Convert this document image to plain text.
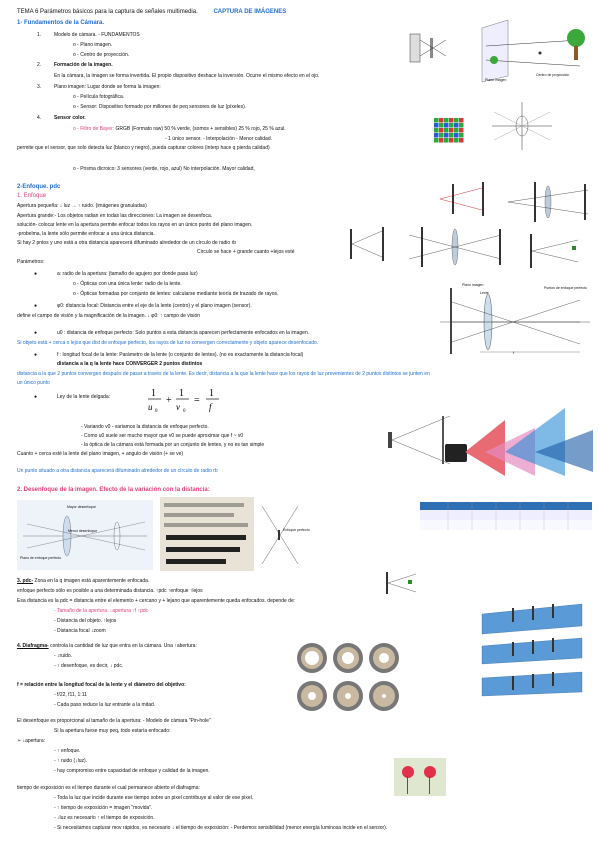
TEMA 6 Parámetros básicos para la captura de señales multimedia.	CAPTURA DE IMÁGENES
1- Fundamentos de la Cámara.
1.	Modelo de cámara. - FUNDAMENTOS
o - Plano imagen.
o - Centro de proyección.
2.	Formación de la imagen.
En la cámara, la imagen se forma invertida. El propio dispositivo deshace la inversión. Ocurre el mismo efecto en el ojo.
3.	Plano imagen: Lugar donde se forma la imagen:
o - Película fotográfica.
o - Sensor: Dispositivo formado por millones de peq sensores de luz (píxeles).
4.	Sensor color.
o - Filtro de Bayer: GRGB (Formato raw) 50 % verde, (somos + sensibles) 25 % rojo, 25 % azul.
- 1 único sensor. - Interpolación - Menor calidad.
permite que el sensor, que solo detecta luz (blanco y negro), pueda capturar colores (interp hace q pierda calidad)
o - Prisma dicroico: 3 sensores (verde, rojo, azul) No interpolación. Mayor calidad,
Plano imagen
Centro de proyección
2-Enfoque. pdc
1. Enfoque
Apertura pequeña: ↓ luz → ↑ ruido. (imágenes granuladas)
Apertura grande:- Los objetos radian en todas las direcciones: La imagen se desenfoca.
solución- colocar lente en la apertura permite enfocar todos los rayos en un único punto del plano imagen.
-probelma, la lente sólo permite enfocar a una única distancia.
Si hay 2 pntos y uno está a otra distancia aparecerá difuminado alrededor de un círculo de radio rb
Circulo se hace + grande cuanto +lejos esté
Parámetros:
●	a: radio de la apertura: (tamaño de agujero por donde pasa luz)
o - Ópticas con una única lente: radio de la lente.
o - Ópticas formadas por conjunto de lentes: calcularse mediante teoría de trazado de rayos.
●	φ0: distancia focal: Distancia entre el eje de la lente (centro) y el plano imagen (sensor).
define el campo de visión y la magnificación de la imagen. ↓ φ0: ↑ campo de visión
●	u0 : distancia de enfoque perfecto: Solo puntos a esta distancia aparecen perfectamente enfocados en la imagen.
Si objeto está + cerca o lejos que dist de enfoque perfecto, los rayos de luz no convergen correctamente y objeto aparece desenfocado.
●	f : longitud focal de la lente: Parámetro de la lente (o conjunto de lentes). (no es exactamente la distancia focal)
distancia a la q la lente hace CONVERGER 2 puntos distintos
distancia a la que 2 puntos convergen después de pasar a través de la lente. Es decir, distancia a la que la lente hace que los rayos de luz provenientes de 2 puntos distintos se junten en
un único punto
●	Ley de la lente delgada:	1
u 0
+
1
v 0
=
1
f
- Variando v0 - variamos la distancia de enfoque perfecto.
- Como u0 suele ser mucho mayor que v0 se puede aproximar que f ~ v0
- la óptica de la cámara está formada por un conjunto de lentes, y no es tan simple
Cuanto + cerca esté la lente del plano imagen, + angulo de visión (+ se ve)
Un punto situado a otra distancia aparecerá difuminado alrededor de un círculo de radio rb
Plano imagen
Lente
Puntos de enfoque perfecto
f
2. Desenfoque de la imagen. Efecto de la variación con la distancia:
Mayor desenfoque
Menor desenfoque
Plano de enfoque perfecto
Enfoque perfecto
3. pdc- Zona en la q imagen está aparentemente enfocada.
enfoque perfecto sólo es posible a una determinada distancia. ↑pdc ↑enfoque ↑lejos
Esa distancia es la pdc = distancia entre el elemento + cercano y + lejano que aparentemente queda enfocados. depende de:
- Tamaño de la apertura. ↓apertura ↑f ↑pdc
- Distancia del objeto. ↑lejos
- Distancia focal ↓zoom
4. Diafragma- controla la cantidad de luz que entra en la cámara. Una ↑abertura:
- ↓ruido.
- ↑ desenfoque, es decir, ↓ pdc.
f = relación entre la longitud focal de la lente y el diámetro del objetivo:
- f/22, f11, 1:11
- Cada paso reduce la luz entrante a la mitad.
El desenfoque es proporcional al tamaño de la apertura: - Modelo de cámara "Pin-hole"
Si la apertura fuese muy peq, todo estaría enfocado:
➢ ↓apertura:
- ↑ enfoque.
- ↑ ruido (↓luz).
- hay compromiso entre capacidad de enfoque y calidad de la imagen.
tiempo de exposición es el tiempo durante el cual permanece abierto el diafragma:
- Toda la luz que incide durante ese tiempo sobre un pixel contribuye al valor de ese pixel.
- ↑ tiempo de exposición = imagen "movida".
- ↓luz es necesario ↑ el tiempo de exposición.
- Si necesitamos capturar mov rápidos, es necesario ↓ el tiempo de exposición: - Perdemos sensibilidad (menor energía luminosa incide en el sensor).
